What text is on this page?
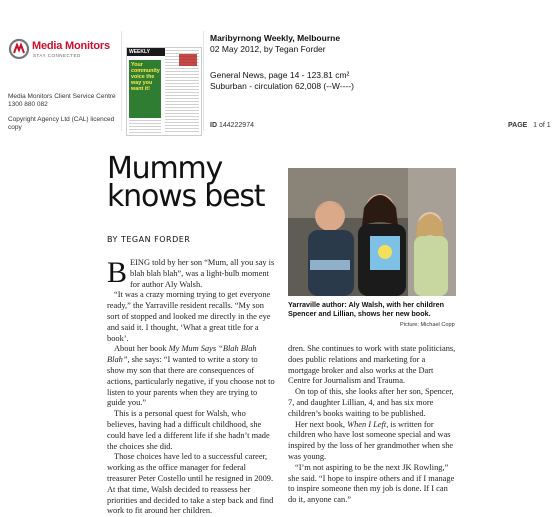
Media Monitors
STAY CONNECTED
Media Monitors Client Service Centre 1300 880 082
Copyright Agency Ltd (CAL) licenced copy
WEEKLY
Your community voice the way you want it!
Maribyrnong Weekly, Melbourne
02 May 2012, by Tegan Forder
General News, page 14 - 123.81 cm²
Suburban - circulation 62,008 (--W----)
ID 144222974	PAGE 1 of 1
Mummy
knows best
BY TEGAN FORDER

BEING told by her son “Mum, all you say is blah blah blah”, was a light-bulb moment for author Aly Walsh.

“It was a crazy morning trying to get everyone ready,” the Yarraville resident recalls. “My son sort of stopped and looked me directly in the eye and said it. I thought, ‘What a great title for a book’.

About her book My Mum Says “Blah Blah Blah”, she says: “I wanted to write a story to show my son that there are consequences of actions, particularly negative, if you choose not to listen to your parents when they are trying to guide you.”

This is a personal quest for Walsh, who believes, having had a difficult childhood, she could have led a different life if she hadn’t made the choices she did.

Those choices have led to a successful career, working as the office manager for federal treasurer Peter Costello until he resigned in 2009. At that time, Walsh decided to reassess her priorities and decided to take a step back and find work to fit around her children.

Yarraville author: Aly Walsh, with her children Spencer and Lillian, shows her new book.
Picture: Michael Copp

dren. She continues to work with state politicians, does public relations and marketing for a mortgage broker and also works at the Dart Centre for Journalism and Trauma.

On top of this, she looks after her son, Spencer, 7, and daughter Lillian, 4, and has six more children’s books waiting to be published.

Her next book, When I Left, is written for children who have lost someone special and was inspired by the loss of her grandmother when she was young.

“I’m not aspiring to be the next JK Rowling,” she said. “I hope to inspire others and if I manage to inspire someone then my job is done. If I can do it, anyone can.”
